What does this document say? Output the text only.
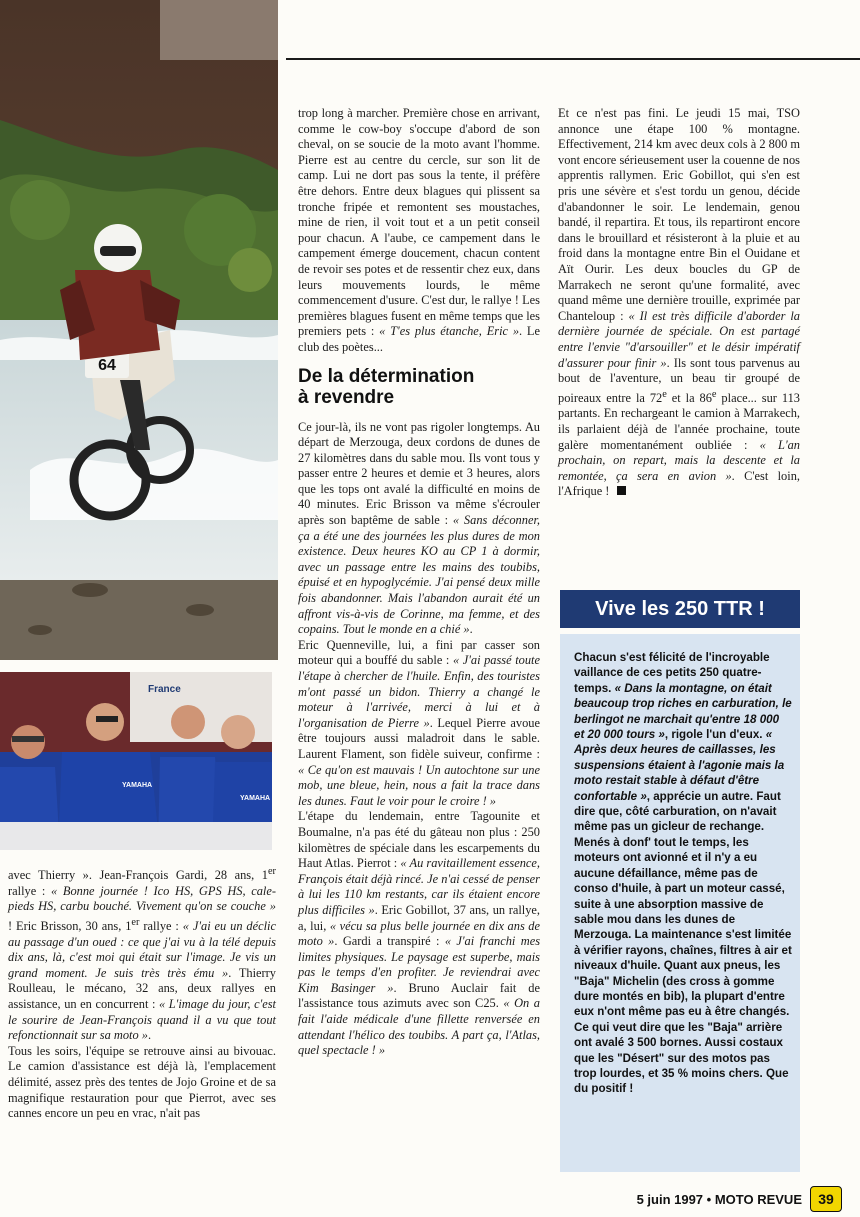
64
France
YAMAHA
YAMAHA

avec Thierry ». Jean-François Gardi, 28 ans, 1er rallye : « Bonne journée ! Ico HS, GPS HS, cale-pieds HS, carbu bouché. Vivement qu'on se couche » ! Eric Brisson, 30 ans, 1er rallye : « J'ai eu un déclic au passage d'un oued : ce que j'ai vu à la télé depuis dix ans, là, c'est moi qui était sur l'image. Je vis un grand moment. Je suis très très ému ». Thierry Roulleau, le mécano, 32 ans, deux rallyes en assistance, un en concurrent : « L'image du jour, c'est le sourire de Jean-François quand il a vu que tout refonctionnait sur sa moto ».

Tous les soirs, l'équipe se retrouve ainsi au bivouac. Le camion d'assistance est déjà là, l'emplacement délimité, assez près des tentes de Jojo Groine et de sa magnifique restauration pour que Pierrot, avec ses cannes encore un peu en vrac, n'ait pas

trop long à marcher. Première chose en arrivant, comme le cow-boy s'occupe d'abord de son cheval, on se soucie de la moto avant l'homme. Pierre est au centre du cercle, sur son lit de camp. Lui ne dort pas sous la tente, il préfère être dehors. Entre deux blagues qui plissent sa tronche fripée et remontent ses moustaches, mine de rien, il voit tout et a un petit conseil pour chacun. A l'aube, ce campement dans le campement émerge doucement, chacun content de revoir ses potes et de ressentir chez eux, dans leurs mouvements lourds, le même commencement d'usure. C'est dur, le rallye ! Les premières blagues fusent en même temps que les premiers pets : « T'es plus étanche, Eric ». Le club des poètes...

De la détermination
à revendre

Ce jour-là, ils ne vont pas rigoler longtemps. Au départ de Merzouga, deux cordons de dunes de 27 kilomètres dans du sable mou. Ils vont tous y passer entre 2 heures et demie et 3 heures, alors que les tops ont avalé la difficulté en moins de 40 minutes. Eric Brisson va même s'écrouler après son baptême de sable : « Sans déconner, ça a été une des journées les plus dures de mon existence. Deux heures KO au CP 1 à dormir, avec un passage entre les mains des toubibs, épuisé et en hypoglycémie. J'ai pensé deux mille fois abandonner. Mais l'abandon aurait été un affront vis-à-vis de Corinne, ma femme, et des copains. Tout le monde en a chié ».

Eric Quenneville, lui, a fini par casser son moteur qui a bouffé du sable : « J'ai passé toute l'étape à chercher de l'huile. Enfin, des touristes m'ont passé un bidon. Thierry a changé le moteur à l'arrivée, merci à lui et à l'organisation de Pierre ». Lequel Pierre avoue être toujours aussi maladroit dans le sable. Laurent Flament, son fidèle suiveur, confirme : « Ce qu'on est mauvais ! Un autochtone sur une mob, une bleue, hein, nous a fait la trace dans les dunes. Faut le voir pour le croire ! »

L'étape du lendemain, entre Tagounite et Boumalne, n'a pas été du gâteau non plus : 250 kilomètres de spéciale dans les escarpements du Haut Atlas. Pierrot : « Au ravitaillement essence, François était déjà rincé. Je n'ai cessé de penser à lui les 110 km restants, car ils étaient encore plus difficiles ». Eric Gobillot, 37 ans, un rallye, a, lui, « vécu sa plus belle journée en dix ans de moto ». Gardi a transpiré : « J'ai franchi mes limites physiques. Le paysage est superbe, mais pas le temps d'en profiter. Je reviendrai avec Kim Basinger ». Bruno Auclair fait de l'assistance tous azimuts avec son C25. « On a fait l'aide médicale d'une fillette renversée en attendant l'hélico des toubibs. A part ça, l'Atlas, quel spectacle ! »

Et ce n'est pas fini. Le jeudi 15 mai, TSO annonce une étape 100 % montagne. Effectivement, 214 km avec deux cols à 2 800 m vont encore sérieusement user la couenne de nos apprentis rallymen. Eric Gobillot, qui s'en est pris une sévère et s'est tordu un genou, décide d'abandonner le soir. Le lendemain, genou bandé, il repartira. Et tous, ils repartiront encore dans le brouillard et résisteront à la pluie et au froid dans la montagne entre Bin el Ouidane et Aït Ourir. Les deux boucles du GP de Marrakech ne seront qu'une formalité, avec quand même une dernière trouille, exprimée par Chanteloup : « Il est très difficile d'aborder la dernière journée de spéciale. On est partagé entre l'envie "d'arsouiller" et le désir impératif d'assurer pour finir ». Ils sont tous parvenus au bout de l'aventure, un beau tir groupé de poireaux entre la 72e et la 86e place... sur 113 partants. En rechargeant le camion à Marrakech, ils parlaient déjà de l'année prochaine, toute galère momentanément oubliée : « L'an prochain, on repart, mais la descente et la remontée, ça sera en avion ». C'est loin, l'Afrique !

Vive les 250 TTR !
Chacun s'est félicité de l'incroyable vaillance de ces petits 250 quatre-temps. « Dans la montagne, on était beaucoup trop riches en carburation, le berlingot ne marchait qu'entre 18 000 et 20 000 tours », rigole l'un d'eux. « Après deux heures de caillasses, les suspensions étaient à l'agonie mais la moto restait stable à défaut d'être confortable », apprécie un autre. Faut dire que, côté carburation, on n'avait même pas un gicleur de rechange. Menés à donf' tout le temps, les moteurs ont avionné et il n'y a eu aucune défaillance, même pas de conso d'huile, à part un moteur cassé, suite à une absorption massive de sable mou dans les dunes de Merzouga. La maintenance s'est limitée à vérifier rayons, chaînes, filtres à air et niveaux d'huile. Quant aux pneus, les "Baja" Michelin (des cross à gomme dure montés en bib), la plupart d'entre eux n'ont même pas eu à être changés. Ce qui veut dire que les "Baja" arrière ont avalé 3 500 bornes. Aussi costaux que les "Désert" sur des motos pas trop lourdes, et 35 % moins chers. Que du positif !
5 juin 1997 • MOTO REVUE	39
